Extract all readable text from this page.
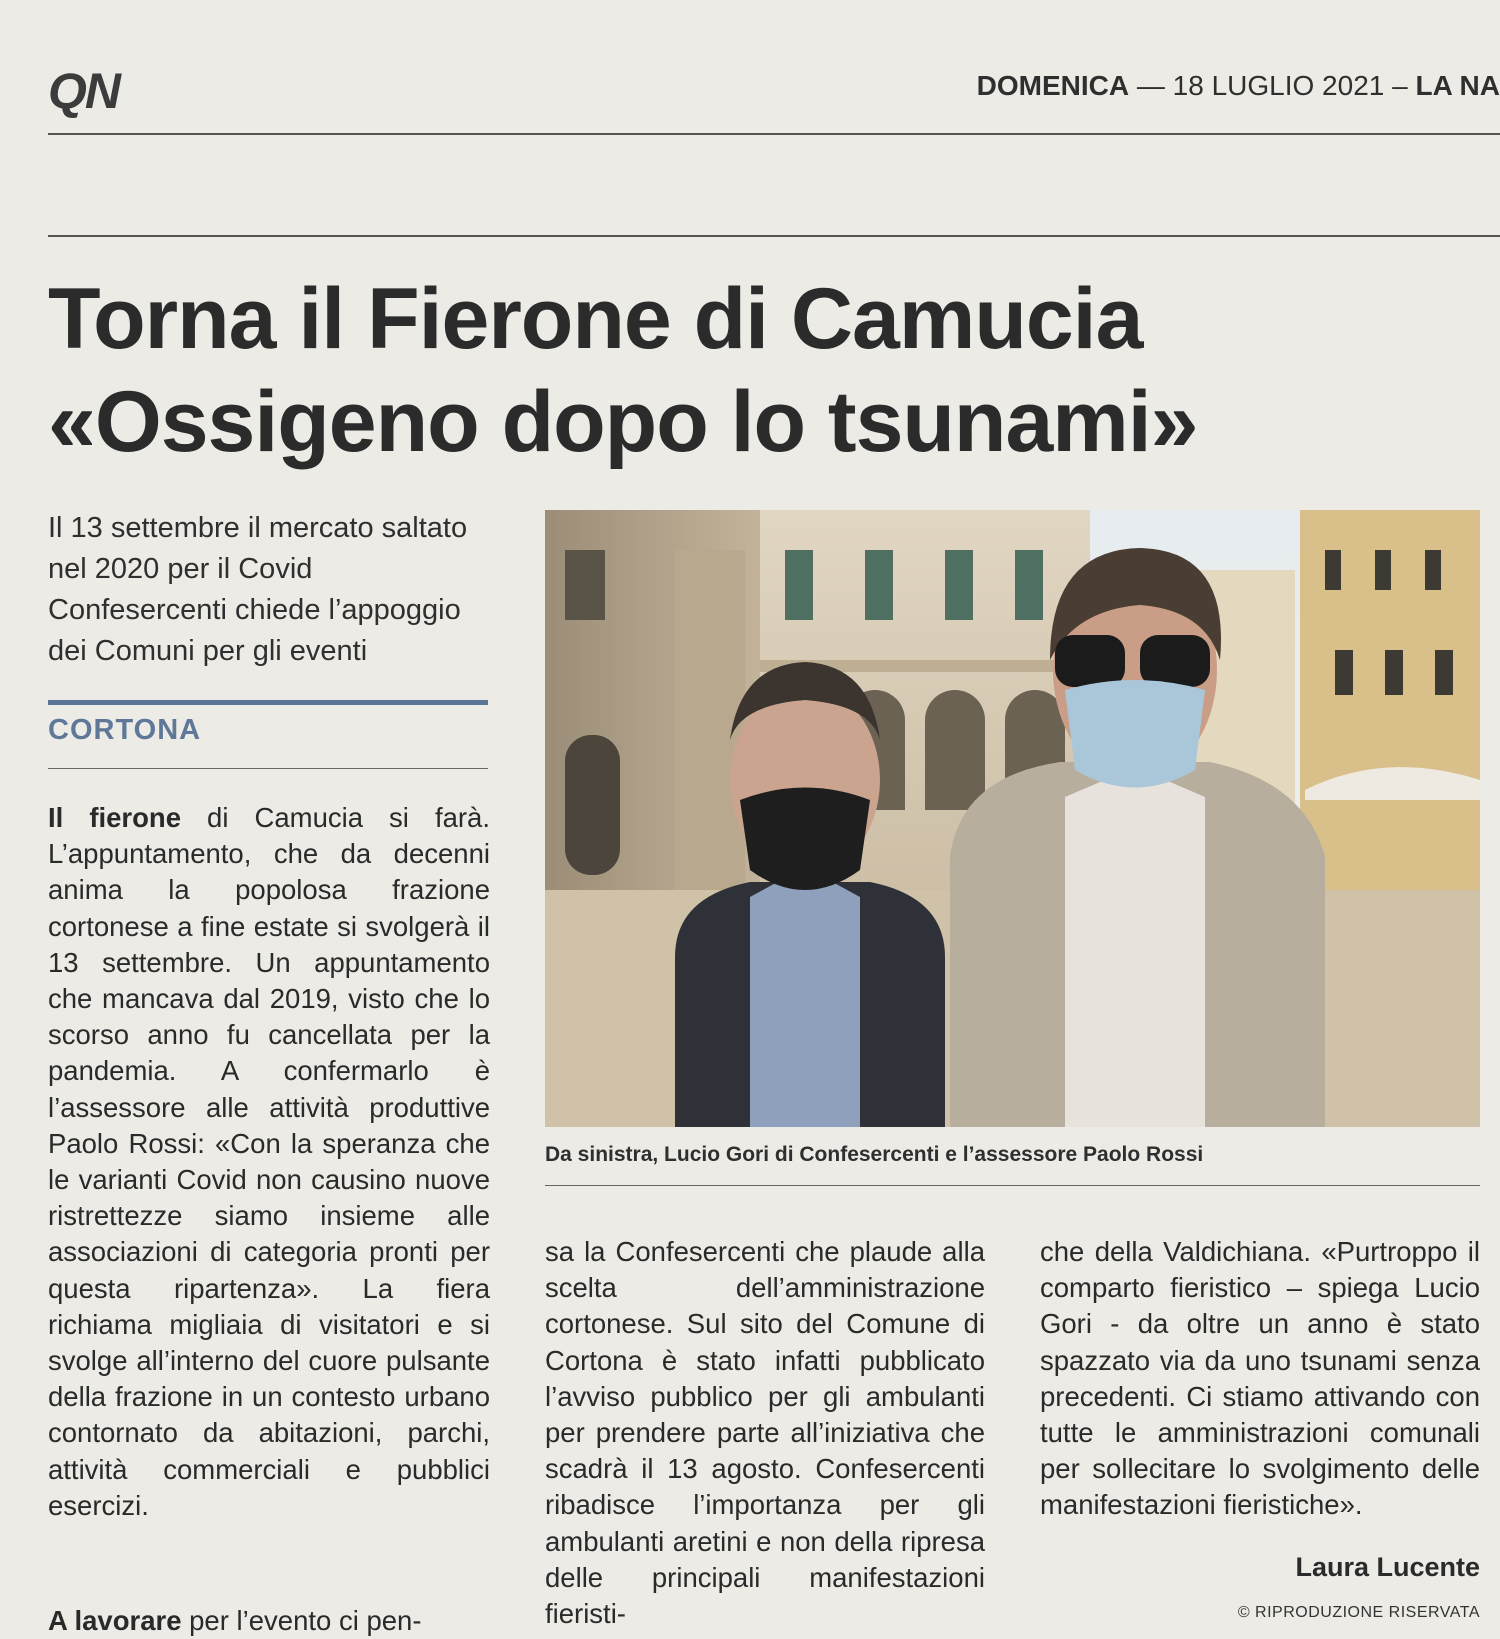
QN	DOMENICA — 18 LUGLIO 2021 – LA NA
Torna il Fierone di Camucia
«Ossigeno dopo lo tsunami»
Il 13 settembre il mercato saltato nel 2020 per il Covid Confesercenti chiede l’appoggio dei Comuni per gli eventi
CORTONA
Il fierone di Camucia si farà. L’appuntamento, che da decenni anima la popolosa frazione cortonese a fine estate si svolgerà il 13 settembre. Un appuntamento che mancava dal 2019, visto che lo scorso anno fu cancellata per la pandemia. A confermarlo è l’assessore alle attività produttive Paolo Rossi: «Con la speranza che le varianti Covid non causino nuove ristrettezze siamo insieme alle associazioni di categoria pronti per questa ripartenza». La fiera richiama migliaia di visitatori e si svolge all’interno del cuore pulsante della frazione in un contesto urbano contornato da abitazioni, parchi, attività commerciali e pubblici esercizi.
A lavorare per l’evento ci pen-
Da sinistra, Lucio Gori di Confesercenti e l’assessore Paolo Rossi
sa la Confesercenti che plaude alla scelta dell’amministrazione cortonese. Sul sito del Comune di Cortona è stato infatti pubblicato l’avviso pubblico per gli ambulanti per prendere parte all’iniziativa che scadrà il 13 agosto. Confesercenti ribadisce l’importanza per gli ambulanti aretini e non della ripresa delle principali manifestazioni fieristi-
che della Valdichiana. «Purtroppo il comparto fieristico – spiega Lucio Gori - da oltre un anno è stato spazzato via da uno tsunami senza precedenti. Ci stiamo attivando con tutte le amministrazioni comunali per sollecitare lo svolgimento delle manifestazioni fieristiche».
Laura Lucente
© RIPRODUZIONE RISERVATA
